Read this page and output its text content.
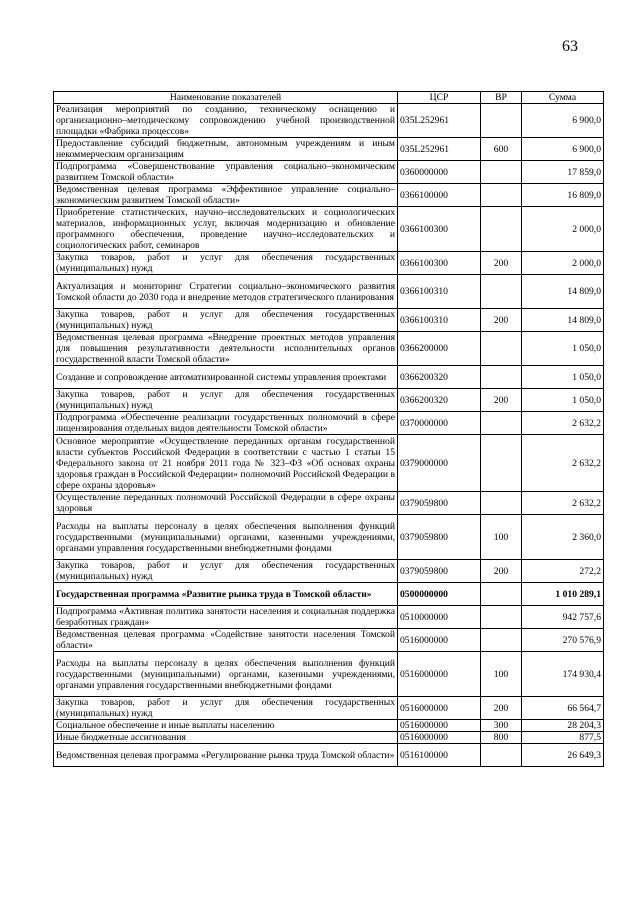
63
Наименование показателей	ЦСР	ВР	Сумма
Реализация мероприятий по созданию, техническому оснащению и организационно–методическому сопровождению учебной производственной площадки «Фабрика процессов»	035L252961		6 900,0
Предоставление субсидий бюджетным, автономным учреждениям и иным некоммерческим организациям	035L252961	600	6 900,0
Подпрограмма «Совершенствование управления социально–экономическим развитием Томской области»	0360000000		17 859,0
Ведомственная целевая программа «Эффективное управление социально–экономическим развитием Томской области»	0366100000		16 809,0
Приобретение статистических, научно–исследовательских и социологических материалов, информационных услуг, включая модернизацию и обновление программного обеспечения, проведение научно–исследовательских и социологических работ, семинаров	0366100300		2 000,0
Закупка товаров, работ и услуг для обеспечения государственных (муниципальных) нужд	0366100300	200	2 000,0
Актуализация и мониторинг Стратегии социально–экономического развития Томской области до 2030 года и внедрение методов стратегического планирования	0366100310		14 809,0
Закупка товаров, работ и услуг для обеспечения государственных (муниципальных) нужд	0366100310	200	14 809,0
Ведомственная целевая программа «Внедрение проектных методов управления для повышения результативности деятельности исполнительных органов государственной власти Томской области»	0366200000		1 050,0
Создание и сопровождение автоматизированной системы управления проектами	0366200320		1 050,0
Закупка товаров, работ и услуг для обеспечения государственных (муниципальных) нужд	0366200320	200	1 050,0
Подпрограмма «Обеспечение реализации государственных полномочий в сфере лицензирования отдельных видов деятельности Томской области»	0370000000		2 632,2
Основное мероприятие «Осуществление переданных органам государственной власти субъектов Российской Федерации в соответствии с частью 1 статьи 15 Федерального закона от 21 ноября 2011 года № 323–ФЗ «Об основах охраны здоровья граждан в Российской Федерации» полномочий Российской Федерации в сфере охраны здоровья»	0379000000		2 632,2
Осуществление переданных полномочий Российской Федерации в сфере охраны здоровья	0379059800		2 632,2
Расходы на выплаты персоналу в целях обеспечения выполнения функций государственными (муниципальными) органами, казенными учреждениями, органами управления государственными внебюджетными фондами	0379059800	100	2 360,0
Закупка товаров, работ и услуг для обеспечения государственных (муниципальных) нужд	0379059800	200	272,2
Государственная программа «Развитие рынка труда в Томской области»	0500000000		1 010 289,1
Подпрограмма «Активная политика занятости населения и социальная поддержка безработных граждан»	0510000000		942 757,6
Ведомственная целевая программа «Содействие занятости населения Томской области»	0516000000		270 576,9
Расходы на выплаты персоналу в целях обеспечения выполнения функций государственными (муниципальными) органами, казенными учреждениями, органами управления государственными внебюджетными фондами	0516000000	100	174 930,4
Закупка товаров, работ и услуг для обеспечения государственных (муниципальных) нужд	0516000000	200	66 564,7
Социальное обеспечение и иные выплаты населению	0516000000	300	28 204,3
Иные бюджетные ассигнования	0516000000	800	877,5
Ведомственная целевая программа «Регулирование рынка труда Томской области»	0516100000		26 649,3
